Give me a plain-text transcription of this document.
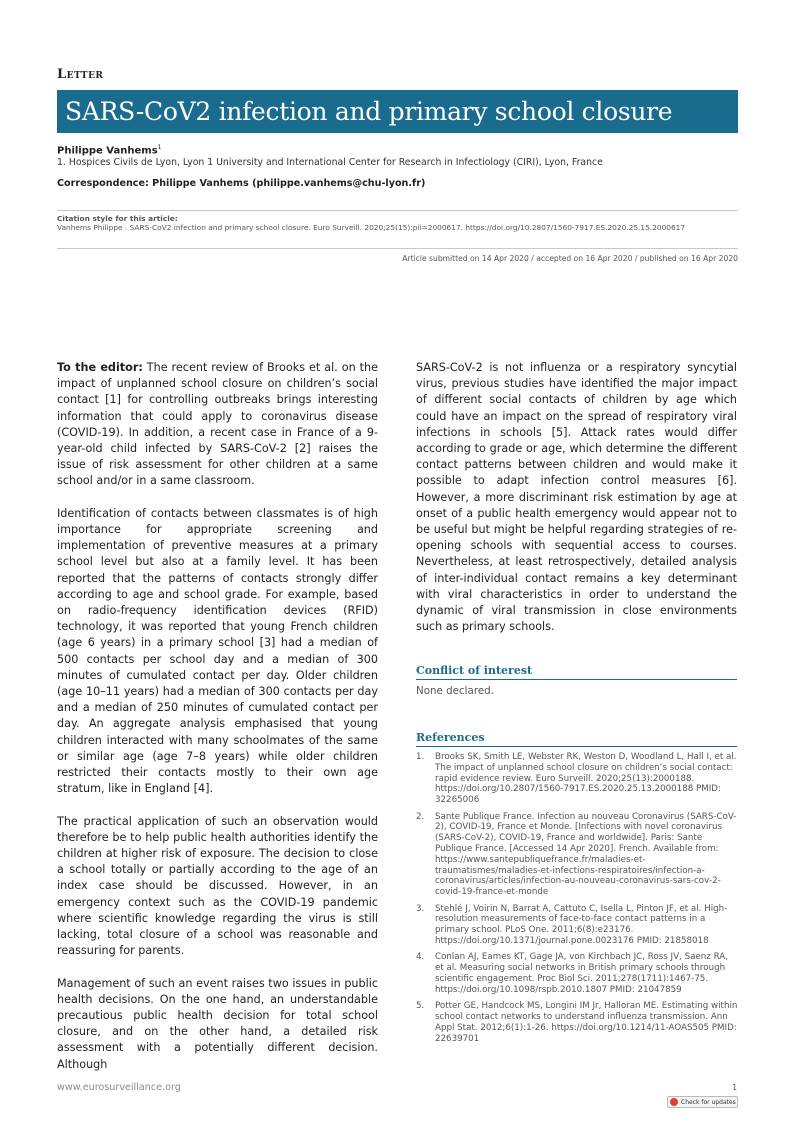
Letter
SARS-CoV2 infection and primary school closure
Philippe Vanhems$^1$
1. Hospices Civils de Lyon, Lyon 1 University and International Center for Research in Infectiology (CIRI), Lyon, France
Correspondence: Philippe Vanhems (philippe.vanhems@chu-lyon.fr)
Citation style for this article:
Vanhems Philippe . SARS-CoV2 infection and primary school closure. Euro Surveill. 2020;25(15):pii=2000617. https://doi.org/10.2807/1560-7917.ES.2020.25.15.2000617
Article submitted on 14 Apr 2020 / accepted on 16 Apr 2020 / published on 16 Apr 2020

To the editor: The recent review of Brooks et al. on the impact of unplanned school closure on children’s social contact [1] for controlling outbreaks brings interesting information that could apply to coronavirus disease (COVID-19). In addition, a recent case in France of a 9-year-old child infected by SARS-CoV-2 [2] raises the issue of risk assessment for other children at a same school and/or in a same classroom.

Identification of contacts between classmates is of high importance for appropriate screening and implementation of preventive measures at a primary school level but also at a family level. It has been reported that the patterns of contacts strongly differ according to age and school grade. For example, based on radio-frequency identification devices (RFID) technology, it was reported that young French children (age 6 years) in a primary school [3] had a median of 500 contacts per school day and a median of 300 minutes of cumulated contact per day. Older children (age 10–11 years) had a median of 300 contacts per day and a median of 250 minutes of cumulated contact per day. An aggregate analysis emphasised that young children interacted with many schoolmates of the same or similar age (age 7–8 years) while older children restricted their contacts mostly to their own age stratum, like in England [4].

The practical application of such an observation would therefore be to help public health authorities identify the children at higher risk of exposure. The decision to close a school totally or partially according to the age of an index case should be discussed. However, in an emergency context such as the COVID-19 pandemic where scientific knowledge regarding the virus is still lacking, total closure of a school was reasonable and reassuring for parents.

Management of such an event raises two issues in public health decisions. On the one hand, an understandable precautious public health decision for total school closure, and on the other hand, a detailed risk assessment with a potentially different decision. Although

SARS-CoV-2 is not influenza or a respiratory syncytial virus, previous studies have identified the major impact of different social contacts of children by age which could have an impact on the spread of respiratory viral infections in schools [5]. Attack rates would differ according to grade or age, which determine the different contact patterns between children and would make it possible to adapt infection control measures [6]. However, a more discriminant risk estimation by age at onset of a public health emergency would appear not to be useful but might be helpful regarding strategies of re-opening schools with sequential access to courses. Nevertheless, at least retrospectively, detailed analysis of inter-individual contact remains a key determinant with viral characteristics in order to understand the dynamic of viral transmission in close environments such as primary schools.

Conflict of interest
None declared.
References
1. Brooks SK, Smith LE, Webster RK, Weston D, Woodland L, Hall I, et al. The impact of unplanned school closure on children’s social contact: rapid evidence review. Euro Surveill. 2020;25(13):2000188. https://doi.org/10.2807/1560-7917.ES.2020.25.13.2000188 PMID: 32265006
2. Sante Publique France. Infection au nouveau Coronavirus (SARS-CoV-2), COVID-19, France et Monde. [Infections with novel coronavirus (SARS-CoV-2), COVID-19, France and worldwide]. Paris: Sante Publique France. [Accessed 14 Apr 2020]. French. Available from: https://www.santepubliquefrance.fr/maladies-et-traumatismes/maladies-et-infections-respiratoires/infection-a-coronavirus/articles/infection-au-nouveau-coronavirus-sars-cov-2-covid-19-france-et-monde
3. Stehlé J, Voirin N, Barrat A, Cattuto C, Isella L, Pinton JF, et al. High-resolution measurements of face-to-face contact patterns in a primary school. PLoS One. 2011;6(8):e23176. https://doi.org/10.1371/journal.pone.0023176 PMID: 21858018
4. Conlan AJ, Eames KT, Gage JA, von Kirchbach JC, Ross JV, Saenz RA, et al. Measuring social networks in British primary schools through scientific engagement. Proc Biol Sci. 2011;278(1711):1467-75. https://doi.org/10.1098/rspb.2010.1807 PMID: 21047859
5. Potter GE, Handcock MS, Longini IM Jr, Halloran ME. Estimating within school contact networks to understand influenza transmission. Ann Appl Stat. 2012;6(1):1-26. https://doi.org/10.1214/11-AOAS505 PMID: 22639701
www.eurosurveillance.org	1
Check for updates
